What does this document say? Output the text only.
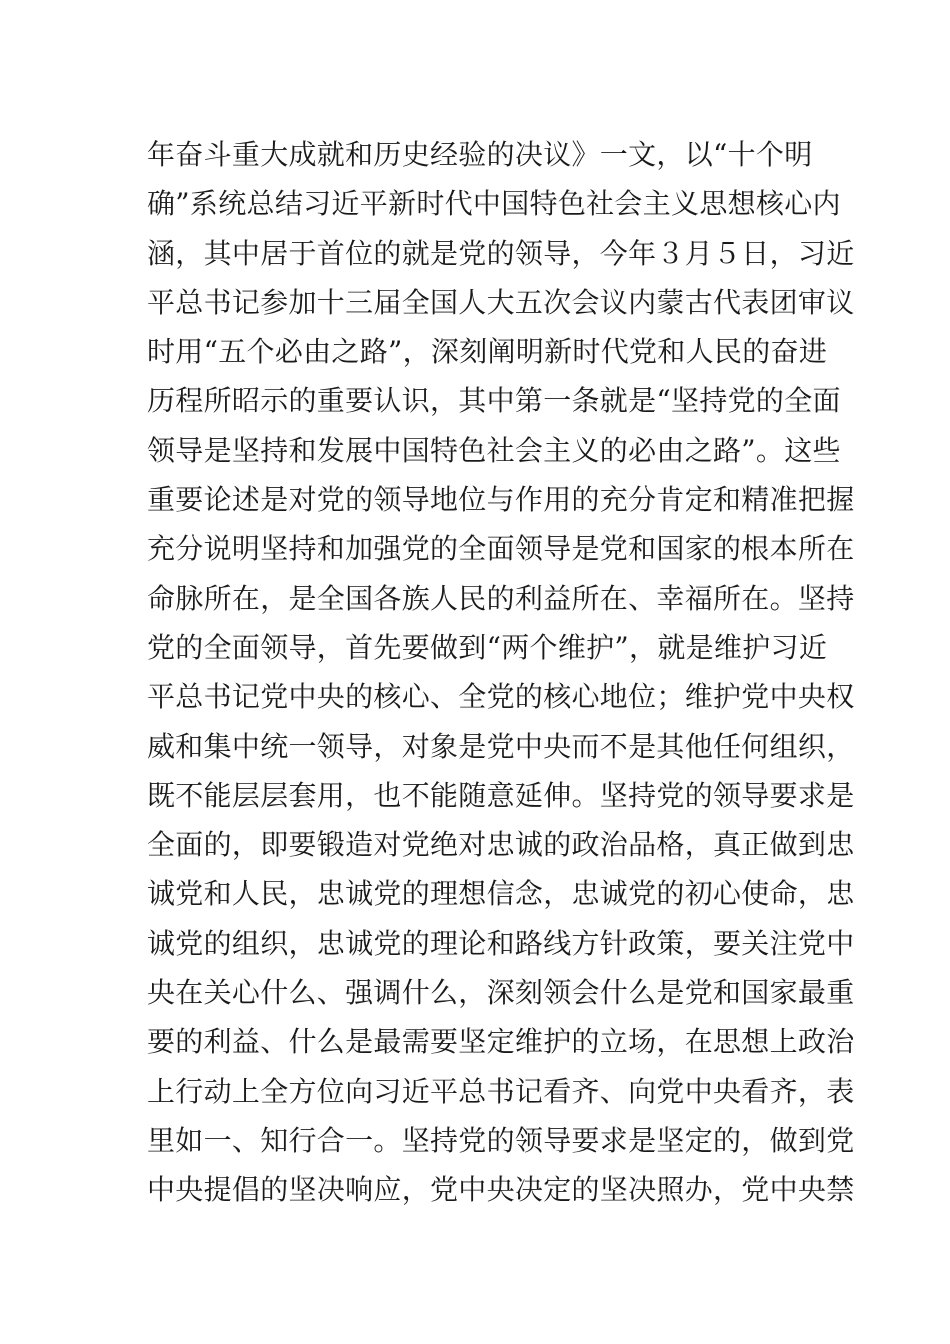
年奋斗重大成就和历史经验的决议》一文，以“十个明
确”系统总结习近平新时代中国特色社会主义思想核心内
涵，其中居于首位的就是党的领导，今年３月５日，习近
平总书记参加十三届全国人大五次会议内蒙古代表团审议
时用“五个必由之路”，深刻阐明新时代党和人民的奋进
历程所昭示的重要认识，其中第一条就是“坚持党的全面
领导是坚持和发展中国特色社会主义的必由之路”。这些
重要论述是对党的领导地位与作用的充分肯定和精准把握
充分说明坚持和加强党的全面领导是党和国家的根本所在
命脉所在，是全国各族人民的利益所在、幸福所在。坚持
党的全面领导，首先要做到“两个维护”，就是维护习近
平总书记党中央的核心、全党的核心地位；维护党中央权
威和集中统一领导，对象是党中央而不是其他任何组织，
既不能层层套用，也不能随意延伸。坚持党的领导要求是
全面的，即要锻造对党绝对忠诚的政治品格，真正做到忠
诚党和人民，忠诚党的理想信念，忠诚党的初心使命，忠
诚党的组织，忠诚党的理论和路线方针政策，要关注党中
央在关心什么、强调什么，深刻领会什么是党和国家最重
要的利益、什么是最需要坚定维护的立场，在思想上政治
上行动上全方位向习近平总书记看齐、向党中央看齐，表
里如一、知行合一。坚持党的领导要求是坚定的，做到党
中央提倡的坚决响应，党中央决定的坚决照办，党中央禁
